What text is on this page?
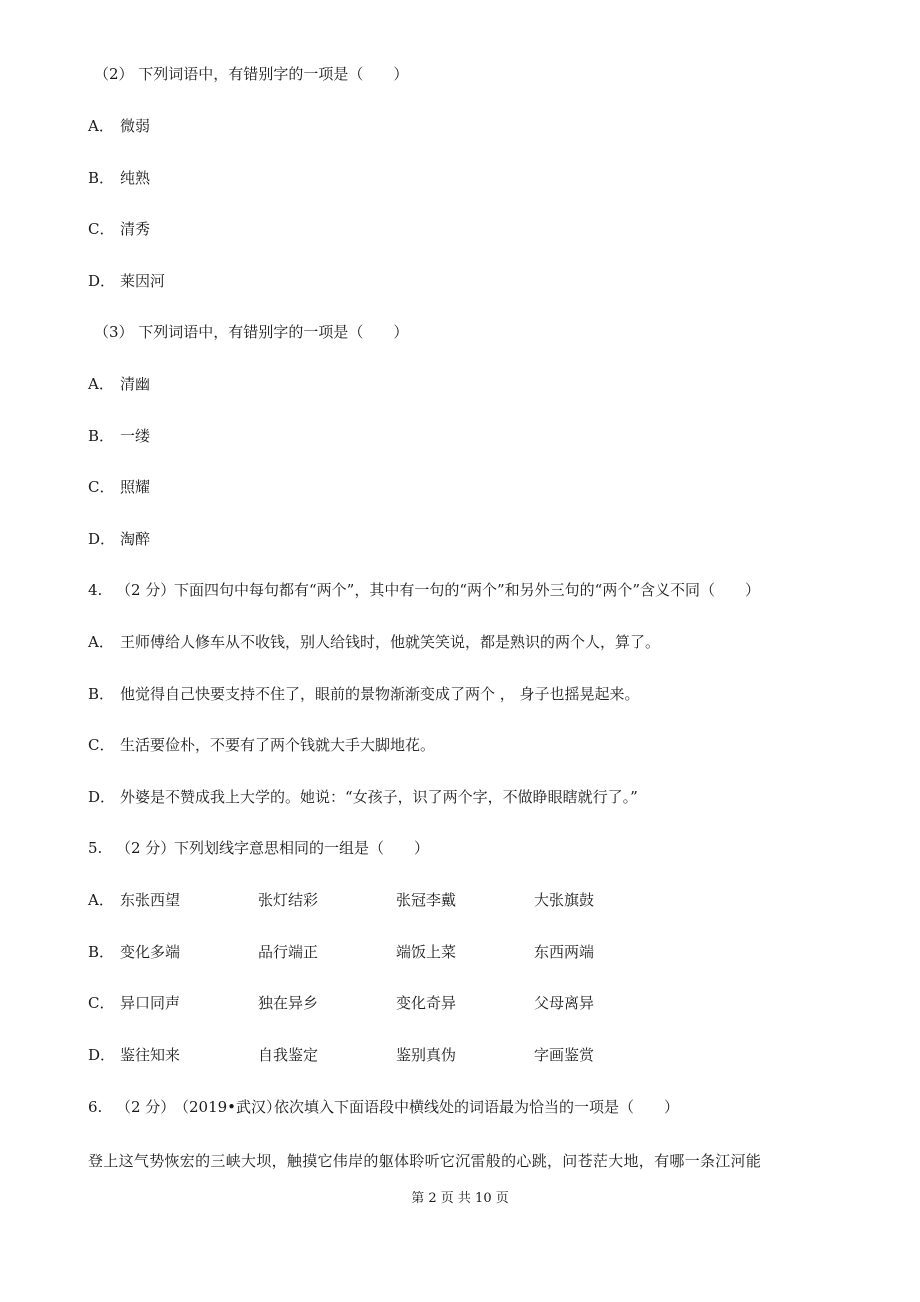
（2） 下列词语中，有错别字的一项是（　　）
A． 微弱
B． 纯熟
C． 清秀
D． 莱因河
（3） 下列词语中，有错别字的一项是（　　）
A． 清幽
B． 一缕
C． 照耀
D． 淘醉
4. （2 分）下面四句中每句都有“两个”，其中有一句的“两个”和另外三句的“两个”含义不同（　　）
A． 王师傅给人修车从不收钱，别人给钱时，他就笑笑说，都是熟识的两个人，算了。
B． 他觉得自己快要支持不住了，眼前的景物渐渐变成了两个 ， 身子也摇晃起来。
C． 生活要俭朴，不要有了两个钱就大手大脚地花。
D． 外婆是不赞成我上大学的。她说：“女孩子，识了两个字，不做睁眼瞎就行了。”
5. （2 分）下列划线字意思相同的一组是（　　）
A． 东张西望	张灯结彩	张冠李戴	大张旗鼓
B． 变化多端	品行端正	端饭上菜	东西两端
C． 异口同声	独在异乡	变化奇异	父母离异
D． 鉴往知来	自我鉴定	鉴别真伪	字画鉴赏
6. （2 分）（2019•武汉）依次填入下面语段中横线处的词语最为恰当的一项是（　　）
登上这气势恢宏的三峡大坝，触摸它伟岸的躯体聆听它沉雷般的心跳，问苍茫大地，有哪一条江河能
第 2 页 共 10 页
